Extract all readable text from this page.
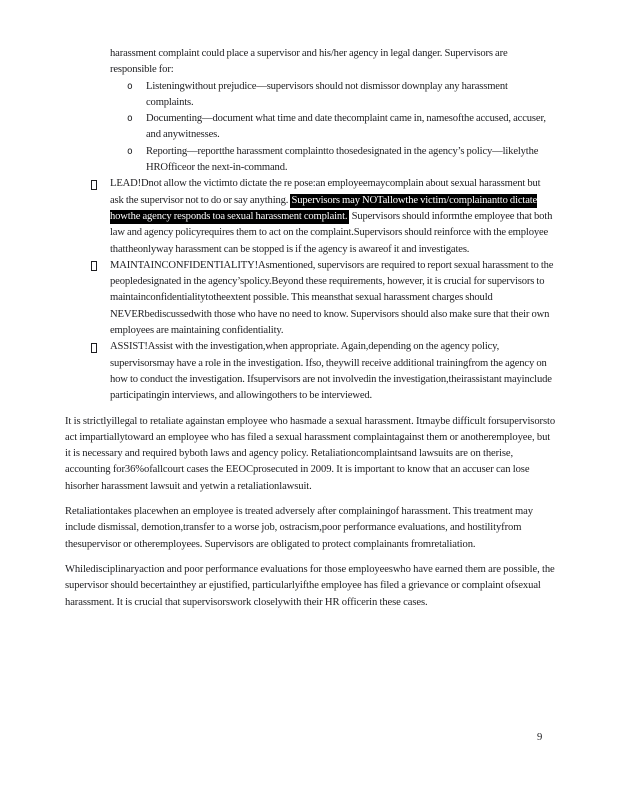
harassment complaint could place a supervisor and his/her agency in legal danger. Supervisors are responsible for:

o Listeningwithout prejudice—supervisors should not dismissor downplay any harassment complaints.
o Documenting—document what time and date thecomplaint came in, namesofthe accused, accuser, and anywitnesses.
o Reporting—reportthe harassment complaintto thosedesignated in the agency’s policy—likelythe HROfficeor the next-in-command.
LEAD!Dnot allow the victimto dictate the re pose:an employeemaycomplain about sexual harassment but ask the supervisor not to do or say anything. Supervisors may NOTallowthe victim/complainantto dictate howthe agency responds toa sexual harassment complaint. Supervisors should informthe employee that both law and agency policyrequires them to act on the complaint.Supervisors should reinforce with the employee thattheonlyway harassment can be stopped is if the agency is awareof it and investigates.
MAINTAINCONFIDENTIALITY!Asmentioned, supervisors are required to report sexual harassment to the peopledesignated in the agency’spolicy.Beyond these requirements, however, it is crucial for supervisors to maintainconfidentialitytotheextent possible. This meansthat sexual harassment charges should NEVERbediscussedwith those who have no need to know. Supervisors should also make sure that their own employees are maintaining confidentiality.
ASSIST!Assist with the investigation,when appropriate. Again,depending on the agency policy, supervisorsmay have a role in the investigation. Ifso, theywill receive additional trainingfrom the agency on how to conduct the investigation. Ifsupervisors are not involvedin the investigation,theirassistant mayinclude participatingin interviews, and allowingothers to be interviewed.

It is strictlyillegal to retaliate againstan employee who hasmade a sexual harassment. Itmaybe difficult forsupervisorsto act impartiallytoward an employee who has filed a sexual harassment complaintagainst them or anotheremployee, but it is necessary and required byboth laws and agency policy. Retaliationcomplaintsand lawsuits are on therise, accounting for36%ofallcourt cases the EEOCprosecuted in 2009. It is important to know that an accuser can lose hisorher harassment lawsuit and yetwin a retaliationlawsuit.

Retaliationtakes placewhen an employee is treated adversely after complainingof harassment. This treatment may include dismissal, demotion,transfer to a worse job, ostracism,poor performance evaluations, and hostilityfrom thesupervisor or otheremployees. Supervisors are obligated to protect complainants fromretaliation.

Whiledisciplinaryaction and poor performance evaluations for those employeeswho have earned them are possible, the supervisor should becertainthey ar ejustified, particularlyifthe employee has filed a grievance or complaint ofsexual harassment. It is crucial that supervisorswork closelywith their HR officerin these cases.

9
